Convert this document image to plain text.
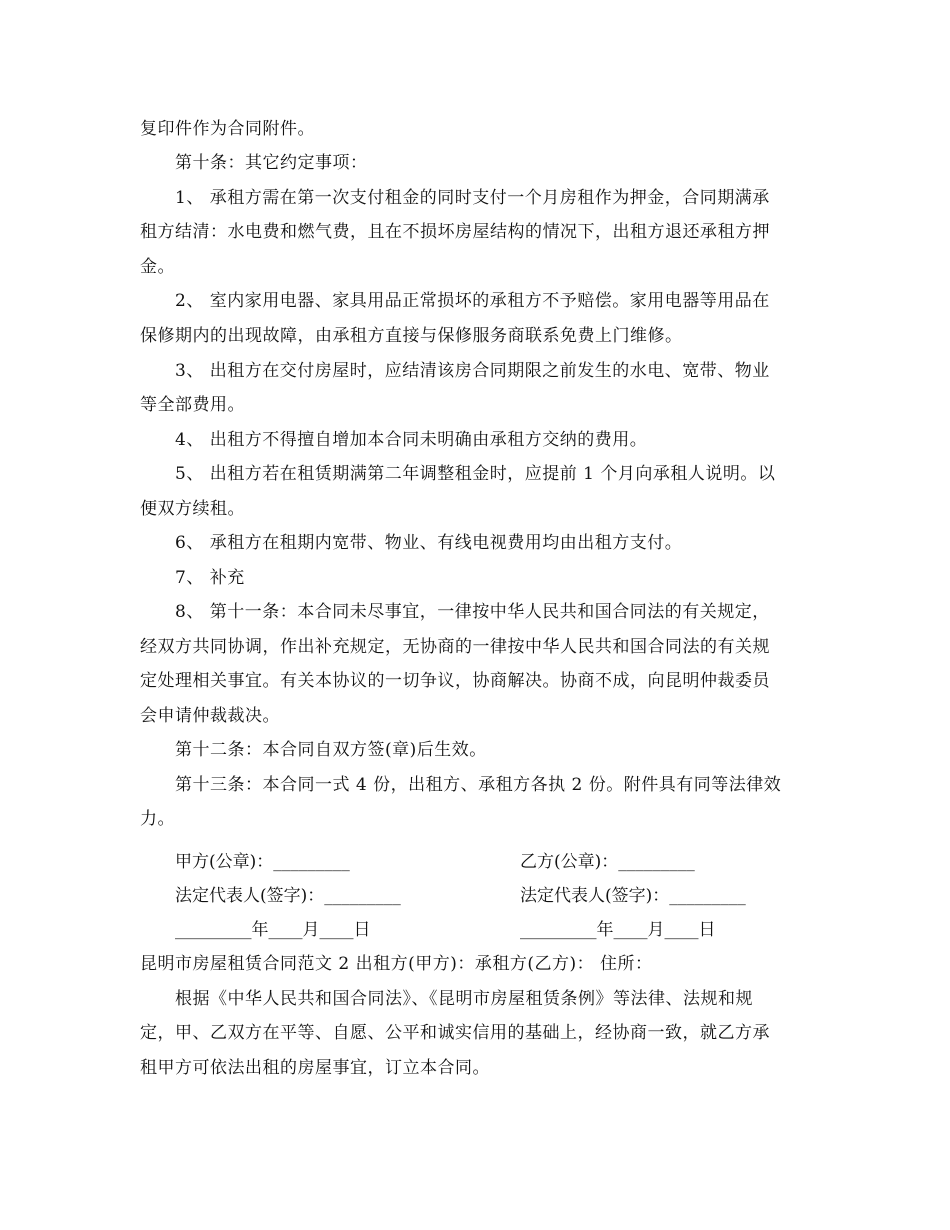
复印件作为合同附件。
第十条：其它约定事项：
1、 承租方需在第一次支付租金的同时支付一个月房租作为押金，合同期满承
租方结清：水电费和燃气费，且在不损坏房屋结构的情况下，出租方退还承租方押
金。
2、 室内家用电器、家具用品正常损坏的承租方不予赔偿。家用电器等用品在
保修期内的出现故障，由承租方直接与保修服务商联系免费上门维修。
3、 出租方在交付房屋时，应结清该房合同期限之前发生的水电、宽带、物业
等全部费用。
4、 出租方不得擅自增加本合同未明确由承租方交纳的费用。
5、 出租方若在租赁期满第二年调整租金时，应提前 1 个月向承租人说明。以
便双方续租。
6、 承租方在租期内宽带、物业、有线电视费用均由出租方支付。
7、 补充
8、 第十一条：本合同未尽事宜，一律按中华人民共和国合同法的有关规定，
经双方共同协调，作出补充规定，无协商的一律按中华人民共和国合同法的有关规
定处理相关事宜。有关本协议的一切争议，协商解决。协商不成，向昆明仲裁委员
会申请仲裁裁决。
第十二条：本合同自双方签(章)后生效。
第十三条：本合同一式 4 份，出租方、承租方各执 2 份。附件具有同等法律效
力。
甲方(公章)：_________	乙方(公章)：_________
法定代表人(签字)：_________	法定代表人(签字)：_________
_________年____月____日	_________年____月____日
昆明市房屋租赁合同范文 2 出租方(甲方)：承租方(乙方)： 住所：
根据《中华人民共和国合同法》、《昆明市房屋租赁条例》等法律、法规和规
定，甲、乙双方在平等、自愿、公平和诚实信用的基础上，经协商一致，就乙方承
租甲方可依法出租的房屋事宜，订立本合同。
